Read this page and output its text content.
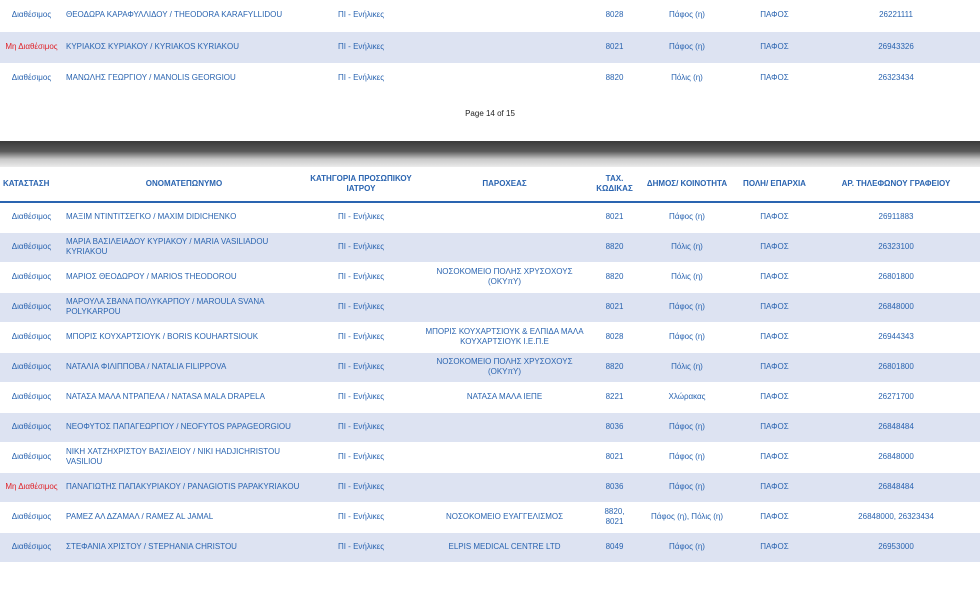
Διαθέσιμος	ΘΕΟΔΩΡΑ ΚΑΡΑΦΥΛΛΙΔΟΥ / THEODORA KARAFYLLIDOU	ΠΙ - Ενήλικες		8028	Πάφος (η)	ΠΑΦΟΣ	26221111
Μη Διαθέσιμος	ΚΥΡΙΑΚΟΣ ΚΥΡΙΑΚΟΥ / KYRIAKOS KYRIAKOU	ΠΙ - Ενήλικες		8021	Πάφος (η)	ΠΑΦΟΣ	26943326
Διαθέσιμος	ΜΑΝΩΛΗΣ ΓΕΩΡΓΙΟΥ / MANOLIS GEORGIOU	ΠΙ - Ενήλικες		8820	Πόλις (η)	ΠΑΦΟΣ	26323434
Page 14 of 15
ΚΑΤΑΣΤΑΣΗ	ΟΝΟΜΑΤΕΠΩΝΥΜΟ	ΚΑΤΗΓΟΡΙΑ ΠΡΟΣΩΠΙΚΟΥ ΙΑΤΡΟΥ	ΠΑΡΟΧΕΑΣ	ΤΑΧ. ΚΩΔΙΚΑΣ	ΔΗΜΟΣ/ ΚΟΙΝΟΤΗΤΑ	ΠΟΛΗ/ ΕΠΑΡΧΙΑ	ΑΡ. ΤΗΛΕΦΩΝΟΥ ΓΡΑΦΕΙΟΥ
Διαθέσιμος	ΜΑΞΙΜ ΝΤΙΝΤΙΤΣΕΓΚΟ / MAXIM DIDICHENKO	ΠΙ - Ενήλικες		8021	Πάφος (η)	ΠΑΦΟΣ	26911883
Διαθέσιμος	ΜΑΡΙΑ ΒΑΣΙΛΕΙΑΔΟΥ ΚΥΡΙΑΚΟΥ / MARIA VASILIADOU KYRIAKOU	ΠΙ - Ενήλικες		8820	Πόλις (η)	ΠΑΦΟΣ	26323100
Διαθέσιμος	ΜΑΡΙΟΣ ΘΕΟΔΩΡΟΥ / MARIOS THEODOROU	ΠΙ - Ενήλικες	ΝΟΣΟΚΟΜΕΙΟ ΠΟΛΗΣ ΧΡΥΣΟΧΟΥΣ (ΟΚΥπΥ)	8820	Πόλις (η)	ΠΑΦΟΣ	26801800
Διαθέσιμος	ΜΑΡΟΥΛΑ ΣΒΑΝΑ ΠΟΛΥΚΑΡΠΟΥ / MAROULA SVANA POLYKARPOU	ΠΙ - Ενήλικες		8021	Πάφος (η)	ΠΑΦΟΣ	26848000
Διαθέσιμος	ΜΠΟΡΙΣ ΚΟΥΧΑΡΤΣΙΟΥΚ / BORIS KOUHARTSIOUK	ΠΙ - Ενήλικες	ΜΠΟΡΙΣ ΚΟΥΧΑΡΤΣΙΟΥΚ & ΕΛΠΙΔΑ ΜΑΛΑ ΚΟΥΧΑΡΤΣΙΟΥΚ Ι.Ε.Π.Ε	8028	Πάφος (η)	ΠΑΦΟΣ	26944343
Διαθέσιμος	ΝΑΤΑΛΙΑ ΦΙΛΙΠΠΟΒΑ / NATALIA FILIPPOVA	ΠΙ - Ενήλικες	ΝΟΣΟΚΟΜΕΙΟ ΠΟΛΗΣ ΧΡΥΣΟΧΟΥΣ (ΟΚΥπΥ)	8820	Πόλις (η)	ΠΑΦΟΣ	26801800
Διαθέσιμος	ΝΑΤΑΣΑ ΜΑΛΑ ΝΤΡΑΠΕΛΑ / NATASA MALA DRAPELA	ΠΙ - Ενήλικες	ΝΑΤΑΣΑ ΜΑΛΑ ΙΕΠΕ	8221	Χλώρακας	ΠΑΦΟΣ	26271700
Διαθέσιμος	ΝΕΟΦΥΤΟΣ ΠΑΠΑΓΕΩΡΓΙΟΥ / NEOFYTOS PAPAGEORGIOU	ΠΙ - Ενήλικες		8036	Πάφος (η)	ΠΑΦΟΣ	26848484
Διαθέσιμος	ΝΙΚΗ ΧΑΤΖΗΧΡΙΣΤΟΥ ΒΑΣΙΛΕΙΟΥ / NIKI HADJICHRISTOU VASILIOU	ΠΙ - Ενήλικες		8021	Πάφος (η)	ΠΑΦΟΣ	26848000
Μη Διαθέσιμος	ΠΑΝΑΓΙΩΤΗΣ ΠΑΠΑΚΥΡΙΑΚΟΥ / PANAGIOTIS PAPAKYRIAKOU	ΠΙ - Ενήλικες		8036	Πάφος (η)	ΠΑΦΟΣ	26848484
Διαθέσιμος	ΡΑΜΕΖ ΑΛ ΔΖΑΜΑΛ / RAMEZ AL JAMAL	ΠΙ - Ενήλικες	ΝΟΣΟΚΟΜΕΙΟ ΕΥΑΓΓΕΛΙΣΜΟΣ	8820, 8021	Πάφος (η), Πόλις (η)	ΠΑΦΟΣ	26848000, 26323434
Διαθέσιμος	ΣΤΕΦΑΝΙΑ ΧΡΙΣΤΟΥ / STEPHANIA CHRISTOU	ΠΙ - Ενήλικες	ELPIS MEDICAL CENTRE LTD	8049	Πάφος (η)	ΠΑΦΟΣ	26953000
